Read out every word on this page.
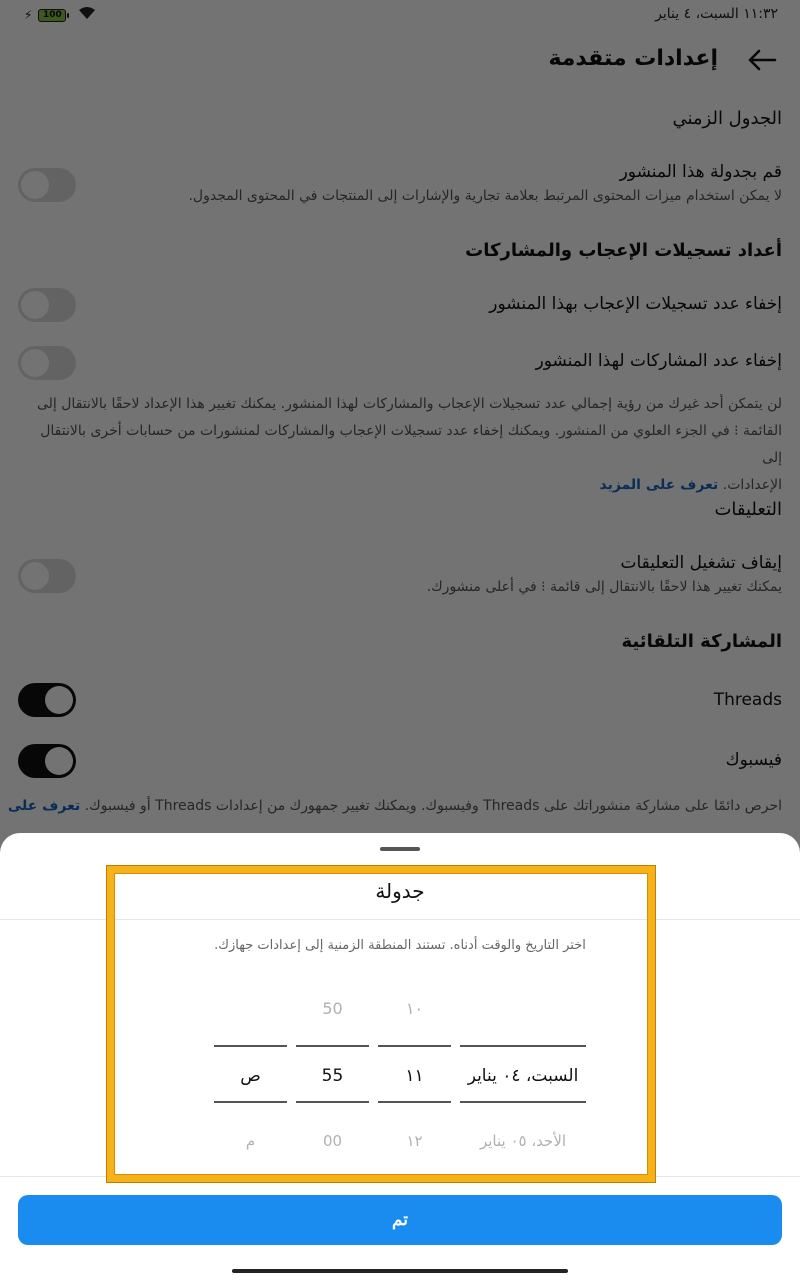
جدولة
اختر التاريخ والوقت أدناه. تستند المنطقة الزمنية إلى إعدادات جهازك.
ص
م
50
55
00
١٠
١١
١٢
السبت، ٠٤ يناير
الأحد، ٠٥ يناير
تم
